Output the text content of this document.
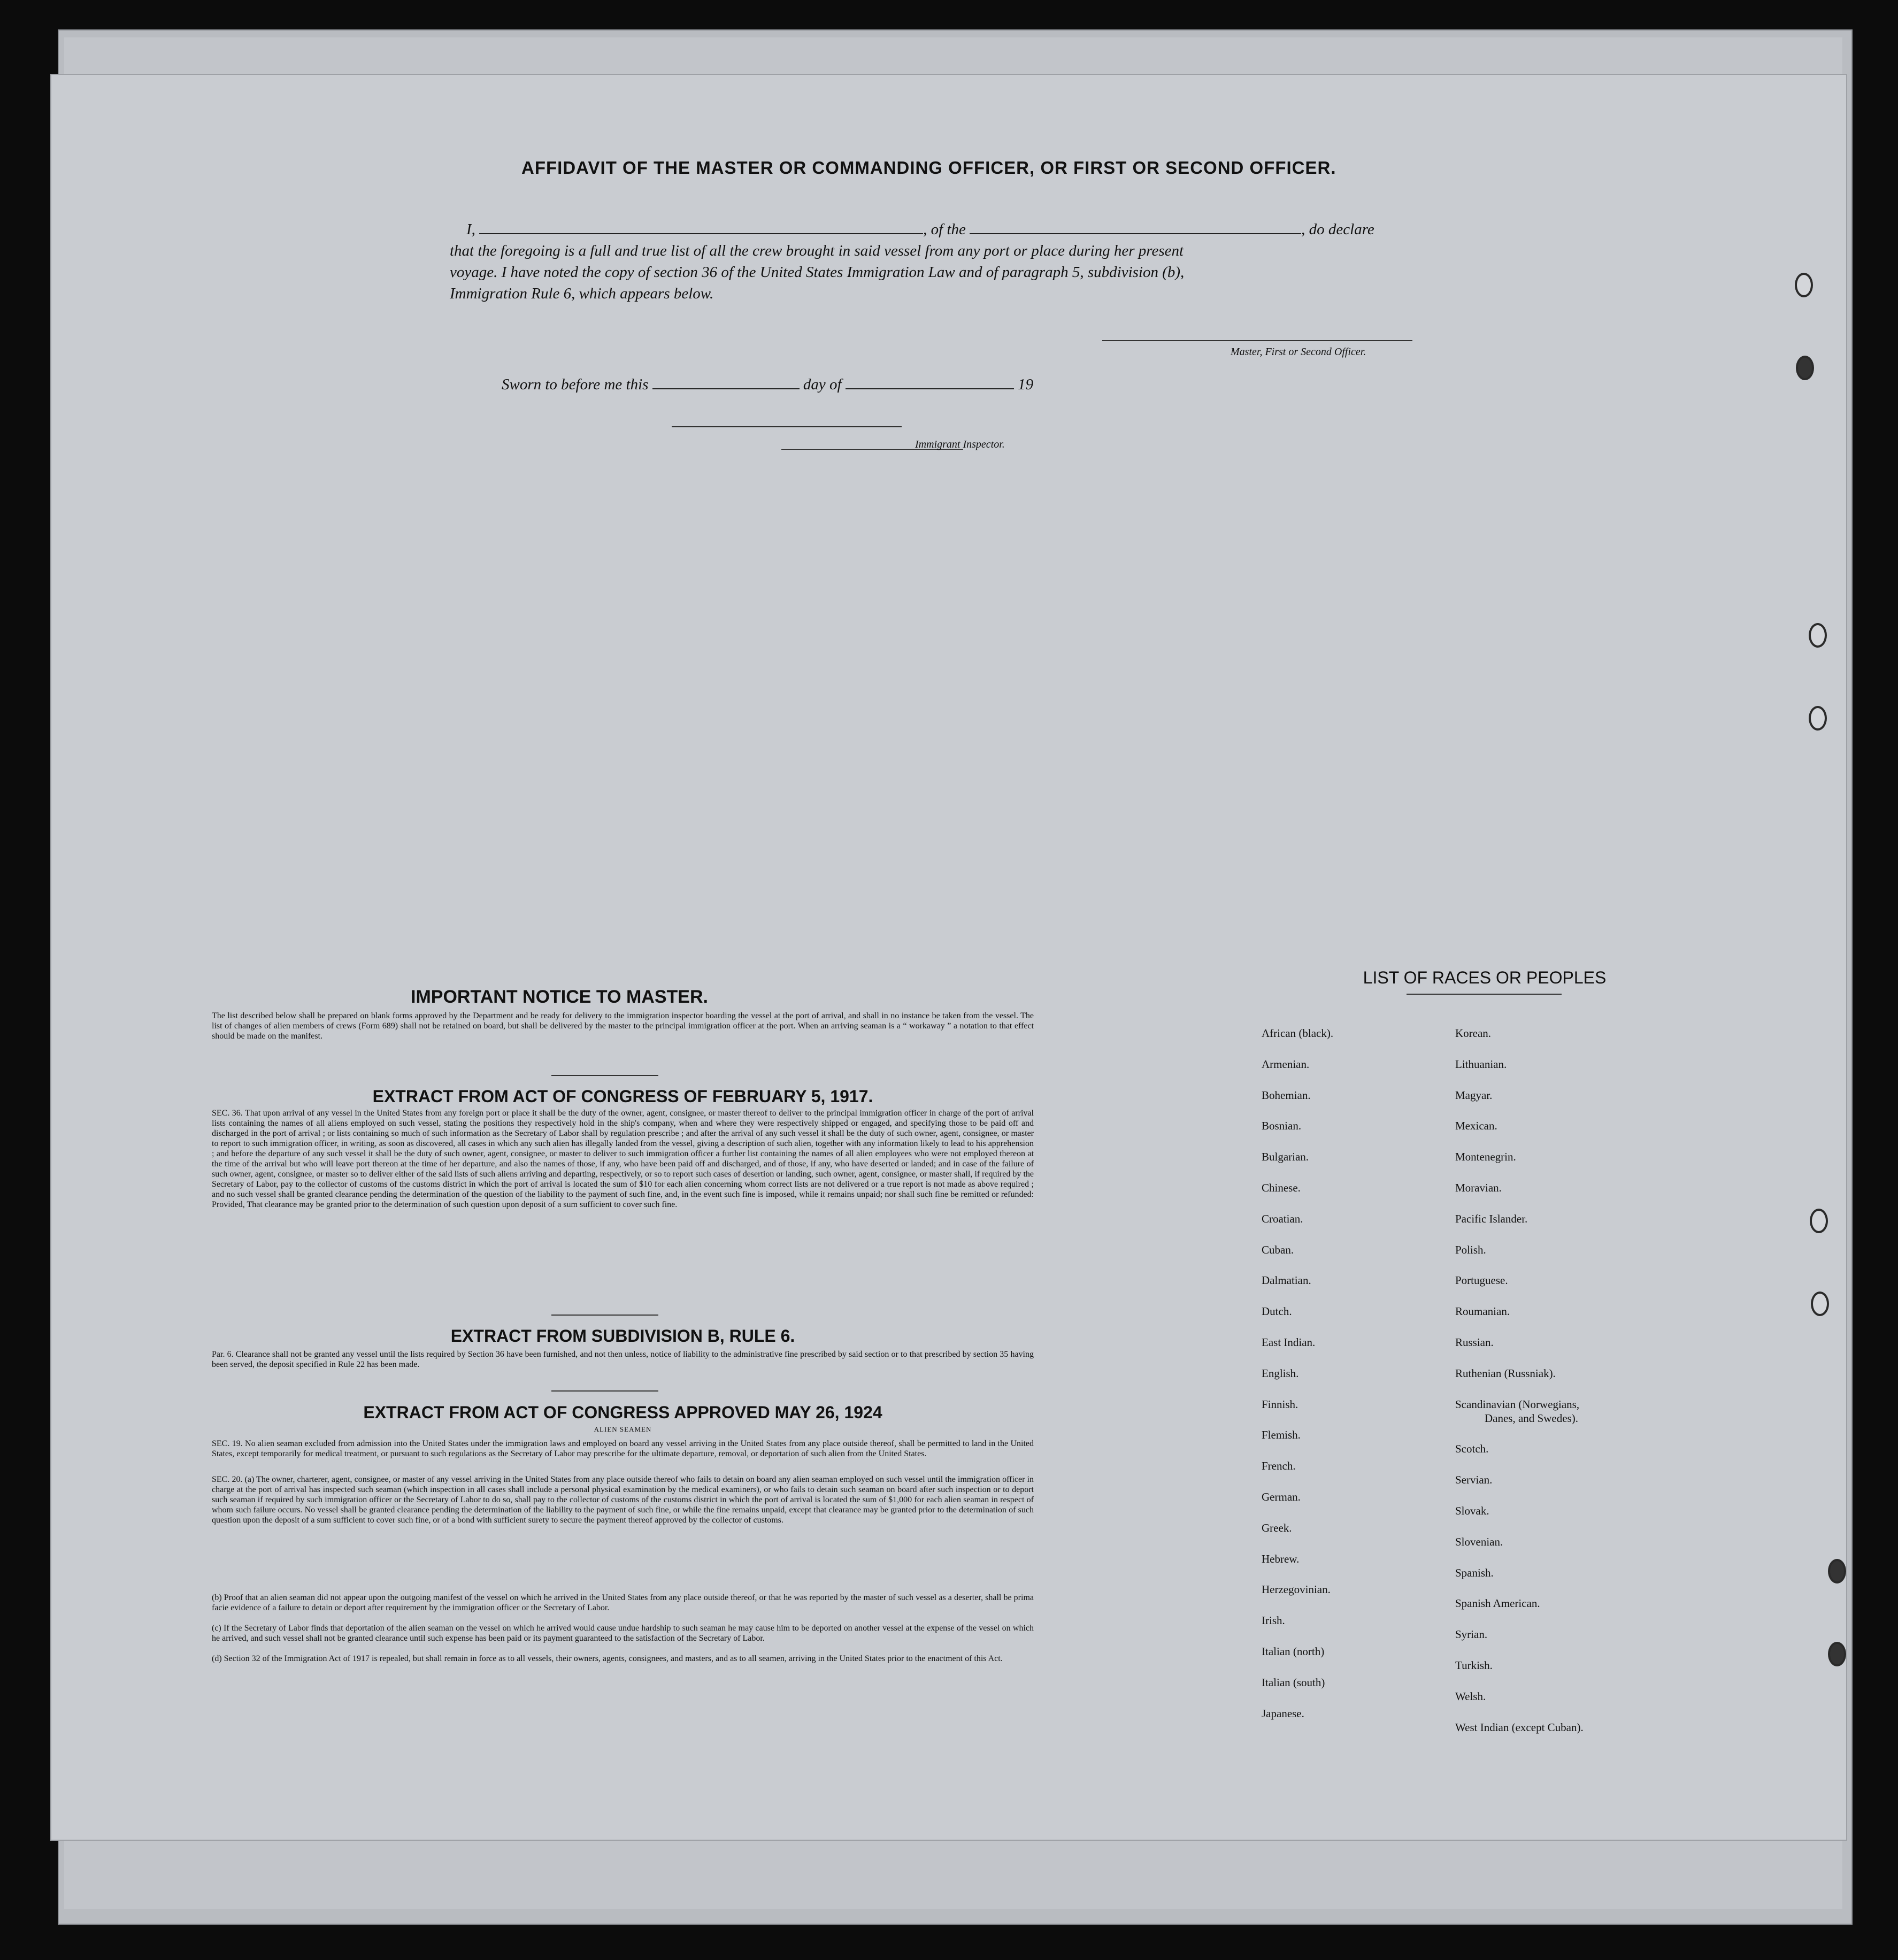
AFFIDAVIT OF THE MASTER OR COMMANDING OFFICER, OR FIRST OR SECOND OFFICER.
I,	, of the	, do declare
that the foregoing is a full and true list of all the crew brought in said vessel from any port or place during her present
voyage. I have noted the copy of section 36 of the United States Immigration Law and of paragraph 5, subdivision (b),
Immigration Rule 6, which appears below.
Master, First or Second Officer.
Sworn to before me this	day of	19
Immigrant Inspector.
IMPORTANT NOTICE TO MASTER.
The list described below shall be prepared on blank forms approved by the Department and be ready for delivery to the immigration inspector boarding the vessel at the port of arrival, and shall in no instance be taken from the vessel. The list of changes of alien members of crews (Form 689) shall not be retained on board, but shall be delivered by the master to the principal immigration officer at the port. When an arriving seaman is a “ workaway ” a notation to that effect should be made on the manifest.
EXTRACT FROM ACT OF CONGRESS OF FEBRUARY 5, 1917.
SEC. 36. That upon arrival of any vessel in the United States from any foreign port or place it shall be the duty of the owner, agent, consignee, or master thereof to deliver to the principal immigration officer in charge of the port of arrival lists containing the names of all aliens employed on such vessel, stating the positions they respectively hold in the ship's company, when and where they were respectively shipped or engaged, and specifying those to be paid off and discharged in the port of arrival ; or lists containing so much of such information as the Secretary of Labor shall by regulation prescribe ; and after the arrival of any such vessel it shall be the duty of such owner, agent, consignee, or master to report to such immigration officer, in writing, as soon as discovered, all cases in which any such alien has illegally landed from the vessel, giving a description of such alien, together with any information likely to lead to his apprehension ; and before the departure of any such vessel it shall be the duty of such owner, agent, consignee, or master to deliver to such immigration officer a further list containing the names of all alien employees who were not employed thereon at the time of the arrival but who will leave port thereon at the time of her departure, and also the names of those, if any, who have been paid off and discharged, and of those, if any, who have deserted or landed; and in case of the failure of such owner, agent, consignee, or master so to deliver either of the said lists of such aliens arriving and departing, respectively, or so to report such cases of desertion or landing, such owner, agent, consignee, or master shall, if required by the Secretary of Labor, pay to the collector of customs of the customs district in which the port of arrival is located the sum of $10 for each alien concerning whom correct lists are not delivered or a true report is not made as above required ; and no such vessel shall be granted clearance pending the determination of the question of the liability to the payment of such fine, and, in the event such fine is imposed, while it remains unpaid; nor shall such fine be remitted or refunded: Provided, That clearance may be granted prior to the determination of such question upon deposit of a sum sufficient to cover such fine.
EXTRACT FROM SUBDIVISION B, RULE 6.
Par. 6. Clearance shall not be granted any vessel until the lists required by Section 36 have been furnished, and not then unless, notice of liability to the administrative fine prescribed by said section or to that prescribed by section 35 having been served, the deposit specified in Rule 22 has been made.
EXTRACT FROM ACT OF CONGRESS APPROVED MAY 26, 1924
ALIEN SEAMEN
SEC. 19. No alien seaman excluded from admission into the United States under the immigration laws and employed on board any vessel arriving in the United States from any place outside thereof, shall be permitted to land in the United States, except temporarily for medical treatment, or pursuant to such regulations as the Secretary of Labor may prescribe for the ultimate departure, removal, or deportation of such alien from the United States.
SEC. 20. (a) The owner, charterer, agent, consignee, or master of any vessel arriving in the United States from any place outside thereof who fails to detain on board any alien seaman employed on such vessel until the immigration officer in charge at the port of arrival has inspected such seaman (which inspection in all cases shall include a personal physical examination by the medical examiners), or who fails to detain such seaman on board after such inspection or to deport such seaman if required by such immigration officer or the Secretary of Labor to do so, shall pay to the collector of customs of the customs district in which the port of arrival is located the sum of $1,000 for each alien seaman in respect of whom such failure occurs. No vessel shall be granted clearance pending the determination of the liability to the payment of such fine, or while the fine remains unpaid, except that clearance may be granted prior to the determination of such question upon the deposit of a sum sufficient to cover such fine, or of a bond with sufficient surety to secure the payment thereof approved by the collector of customs.
(b) Proof that an alien seaman did not appear upon the outgoing manifest of the vessel on which he arrived in the United States from any place outside thereof, or that he was reported by the master of such vessel as a deserter, shall be prima facie evidence of a failure to detain or deport after requirement by the immigration officer or the Secretary of Labor.
(c) If the Secretary of Labor finds that deportation of the alien seaman on the vessel on which he arrived would cause undue hardship to such seaman he may cause him to be deported on another vessel at the expense of the vessel on which he arrived, and such vessel shall not be granted clearance until such expense has been paid or its payment guaranteed to the satisfaction of the Secretary of Labor.
(d) Section 32 of the Immigration Act of 1917 is repealed, but shall remain in force as to all vessels, their owners, agents, consignees, and masters, and as to all seamen, arriving in the United States prior to the enactment of this Act.
LIST OF RACES OR PEOPLES
African (black).
Armenian.
Bohemian.
Bosnian.
Bulgarian.
Chinese.
Croatian.
Cuban.
Dalmatian.
Dutch.
East Indian.
English.
Finnish.
Flemish.
French.
German.
Greek.
Hebrew.
Herzegovinian.
Irish.
Italian (north)
Italian (south)
Japanese.
Korean.
Lithuanian.
Magyar.
Mexican.
Montenegrin.
Moravian.
Pacific Islander.
Polish.
Portuguese.
Roumanian.
Russian.
Ruthenian (Russniak).
Scandinavian (Norwegians,
Danes, and Swedes).
Scotch.
Servian.
Slovak.
Slovenian.
Spanish.
Spanish American.
Syrian.
Turkish.
Welsh.
West Indian (except Cuban).
